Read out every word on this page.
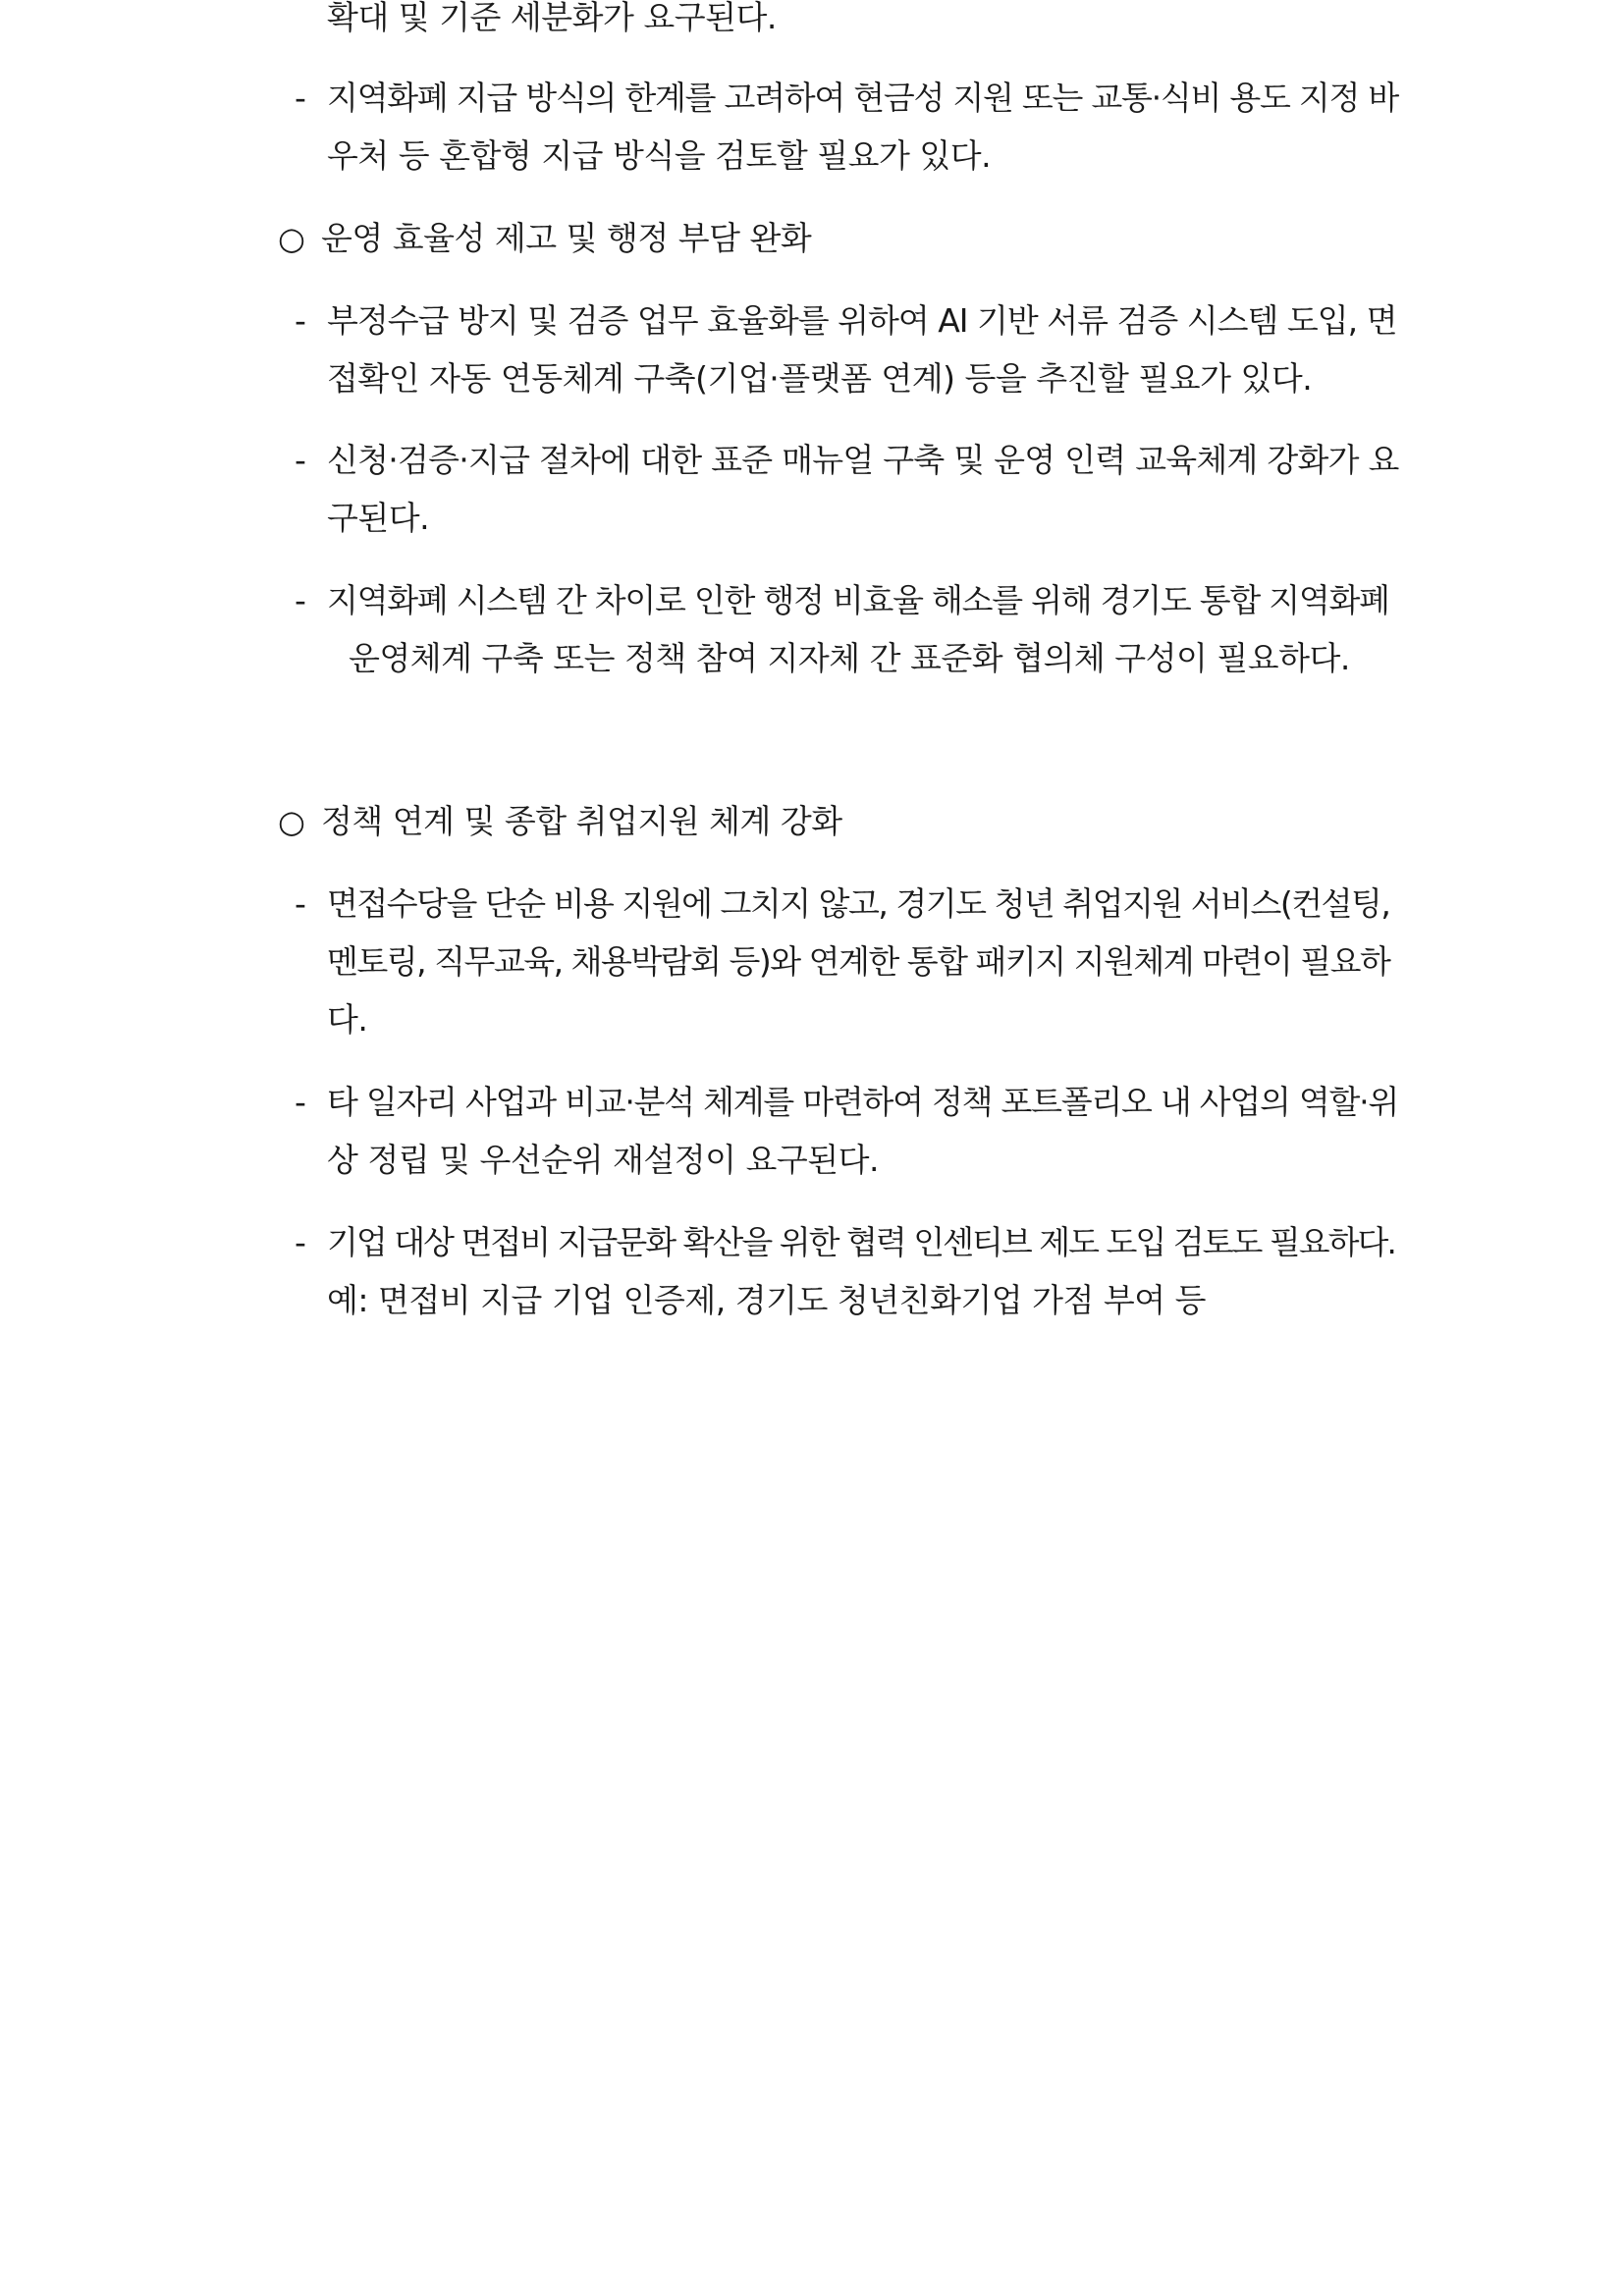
확대 및 기준 세분화가 요구된다.
- 지역화폐 지급 방식의 한계를 고려하여 현금성 지원 또는 교통·식비 용도 지정 바
우처 등 혼합형 지급 방식을 검토할 필요가 있다.
○ 운영 효율성 제고 및 행정 부담 완화
- 부정수급 방지 및 검증 업무 효율화를 위하여 AI 기반 서류 검증 시스템 도입, 면
접확인 자동 연동체계 구축(기업·플랫폼 연계) 등을 추진할 필요가 있다.
- 신청·검증·지급 절차에 대한 표준 매뉴얼 구축 및 운영 인력 교육체계 강화가 요
구된다.
- 지역화폐 시스템 간 차이로 인한 행정 비효율 해소를 위해 경기도 통합 지역화폐
운영체계 구축 또는 정책 참여 지자체 간 표준화 협의체 구성이 필요하다.
○ 정책 연계 및 종합 취업지원 체계 강화
- 면접수당을 단순 비용 지원에 그치지 않고, 경기도 청년 취업지원 서비스(컨설팅,
멘토링, 직무교육, 채용박람회 등)와 연계한 통합 패키지 지원체계 마련이 필요하
다.
- 타 일자리 사업과 비교·분석 체계를 마련하여 정책 포트폴리오 내 사업의 역할·위
상 정립 및 우선순위 재설정이 요구된다.
- 기업 대상 면접비 지급문화 확산을 위한 협력 인센티브 제도 도입 검토도 필요하다.
예: 면접비 지급 기업 인증제, 경기도 청년친화기업 가점 부여 등
